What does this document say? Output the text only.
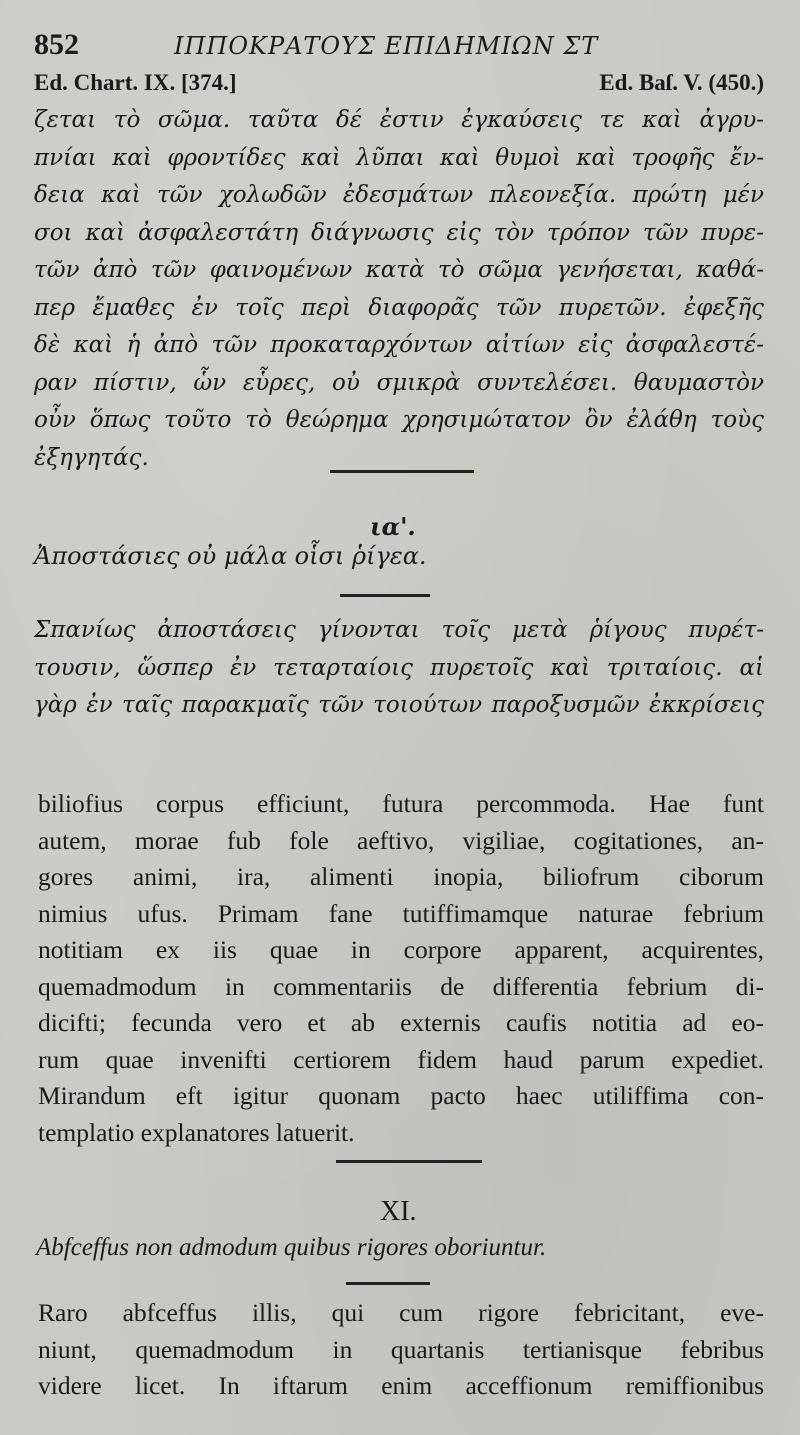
852	ΙΠΠΟΚΡΑΤΟΥΣ ΕΠΙΔΗΜΙΩΝ ΣΤ
Ed. Chart. IX. [374.]	Ed. Baſ. V. (450.)
ζεται τὸ σῶμα. ταῦτα δέ ἐστιν ἐγκαύσεις τε καὶ ἀγρυ-
πνίαι καὶ φροντίδες καὶ λῦπαι καὶ θυμοὶ καὶ τροφῆς ἔν-
δεια καὶ τῶν χολωδῶν ἐδεσμάτων πλεονεξία. πρώτη μέν
σοι καὶ ἀσφαλεστάτη διάγνωσις εἰς τὸν τρόπον τῶν πυρε-
τῶν ἀπὸ τῶν φαινομένων κατὰ τὸ σῶμα γενήσεται, καθά-
περ ἔμαθες ἐν τοῖς περὶ διαφορᾶς τῶν πυρετῶν. ἐφεξῆς
δὲ καὶ ἡ ἀπὸ τῶν προκαταρχόντων αἰτίων εἰς ἀσφαλεστέ-
ραν πίστιν, ὧν εὗρες, οὐ σμικρὰ συντελέσει. θαυμαστὸν
οὖν ὅπως τοῦτο τὸ θεώρημα χρησιμώτατον ὂν ἐλάθη τοὺς
ἐξηγητάς.
ια'.
Ἀποστάσιες οὐ μάλα οἷσι ῥίγεα.
Σπανίως ἀποστάσεις γίνονται τοῖς μετὰ ῥίγους πυρέτ-
τουσιν, ὥσπερ ἐν τεταρταίοις πυρετοῖς καὶ τριταίοις. αἱ
γὰρ ἐν ταῖς παρακμαῖς τῶν τοιούτων παροξυσμῶν ἐκκρίσεις
biliofius corpus efficiunt, futura percommoda. Hae funt
autem, morae fub fole aeftivo, vigiliae, cogitationes, an-
gores animi, ira, alimenti inopia, biliofrum ciborum
nimius ufus. Primam fane tutiffimamque naturae febrium
notitiam ex iis quae in corpore apparent, acquirentes,
quemadmodum in commentariis de differentia febrium di-
dicifti; fecunda vero et ab externis caufis notitia ad eo-
rum quae invenifti certiorem fidem haud parum expediet.
Mirandum eft igitur quonam pacto haec utiliffima con-
templatio explanatores latuerit.
XI.
Abfceffus non admodum quibus rigores oboriuntur.
Raro abfceffus illis, qui cum rigore febricitant, eve-
niunt, quemadmodum in quartanis tertianisque febribus
videre licet. In iftarum enim acceffionum remiffionibus
